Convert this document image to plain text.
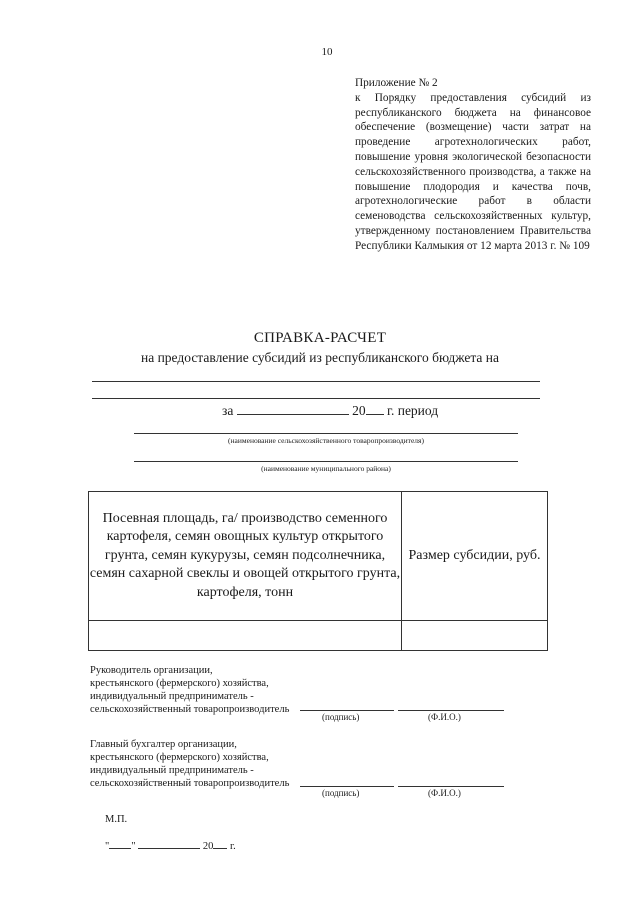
10
Приложение № 2
к Порядку предоставления субсидий из республиканского бюджета на финансовое обеспечение (возмещение) части затрат на проведение агротехнологических работ, повышение уровня экологической безопасности сельскохозяйственного производства, а также на повышение плодородия и качества почв, агротехнологические работ в области семеноводства сельскохозяйственных культур, утвержденному постановлением Правительства Республики Калмыкия от 12 марта 2013 г. № 109
СПРАВКА-РАСЧЕТ
на предоставление субсидий из республиканского бюджета на
за	20 г. период
(наименование сельскохозяйственного товаропроизводителя)
(наименование муниципального района)
Посевная площадь, га/ производство семенного картофеля, семян овощных культур открытого грунта, семян кукурузы, семян подсолнечника, семян сахарной свеклы и овощей открытого грунта, картофеля, тонн	Размер субсидии, руб.

Руководитель организации,
крестьянского (фермерского) хозяйства,
индивидуальный предприниматель -
сельскохозяйственный товаропроизводитель
(подпись)	(Ф.И.О.)
Главный бухгалтер организации,
крестьянского (фермерского) хозяйства,
индивидуальный предприниматель -
сельскохозяйственный товаропроизводитель
(подпись)	(Ф.И.О.)
М.П.
" "	20 г.
